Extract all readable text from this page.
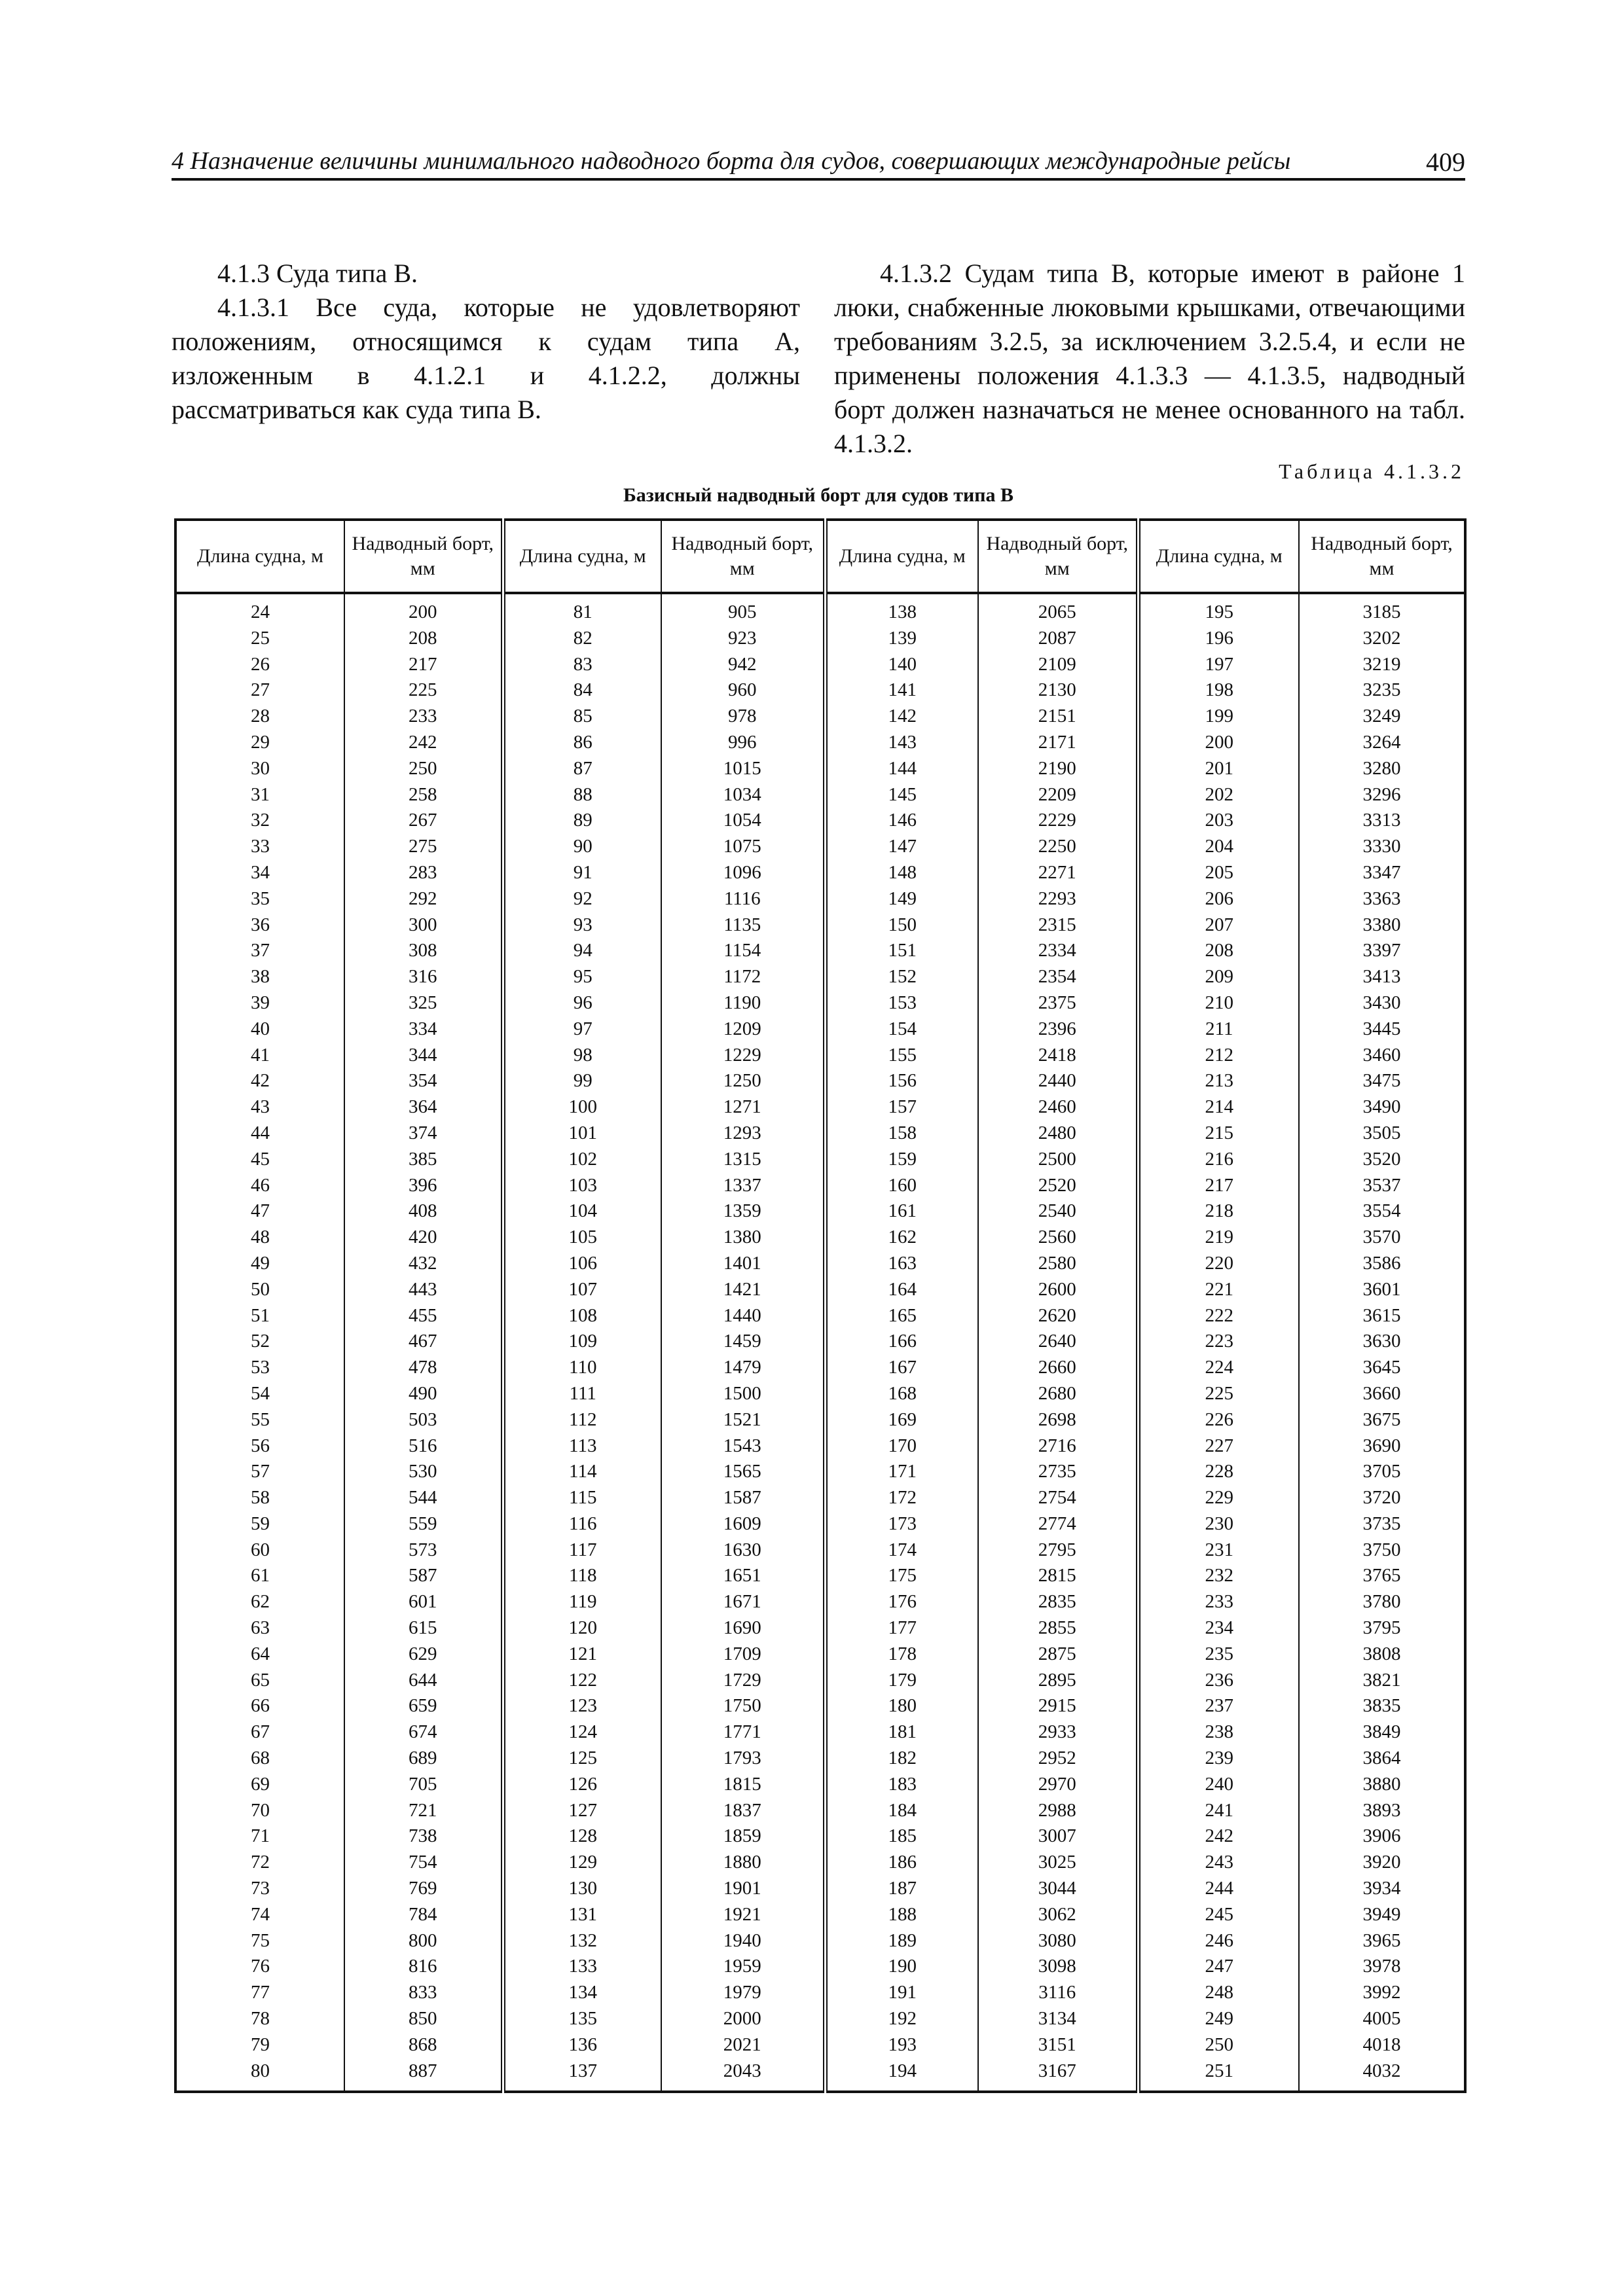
4 Назначение величины минимального надводного борта для судов, совершающих международные рейсы	409

4.1.3 Суда типа В.

4.1.3.1 Все суда, которые не удовлетворяют положениям, относящимся к судам типа А, изложенным в 4.1.2.1 и 4.1.2.2, должны рассматриваться как суда типа В.

4.1.3.2 Судам типа В, которые имеют в районе 1 люки, снабженные люковыми крышками, отвечающими требованиям 3.2.5, за исключением 3.2.5.4, и если не применены положения 4.1.3.3 — 4.1.3.5, надводный борт должен назначаться не менее основанного на табл. 4.1.3.2.

Таблица 4.1.3.2
Базисный надводный борт для судов типа В
Длина судна, м	Надводный борт, мм	Длина судна, м	Надводный борт, мм	Длина судна, м	Надводный борт, мм	Длина судна, м	Надводный борт, мм
24	200	81	905	138	2065	195	3185
25	208	82	923	139	2087	196	3202
26	217	83	942	140	2109	197	3219
27	225	84	960	141	2130	198	3235
28	233	85	978	142	2151	199	3249
29	242	86	996	143	2171	200	3264
30	250	87	1015	144	2190	201	3280
31	258	88	1034	145	2209	202	3296
32	267	89	1054	146	2229	203	3313
33	275	90	1075	147	2250	204	3330
34	283	91	1096	148	2271	205	3347
35	292	92	1116	149	2293	206	3363
36	300	93	1135	150	2315	207	3380
37	308	94	1154	151	2334	208	3397
38	316	95	1172	152	2354	209	3413
39	325	96	1190	153	2375	210	3430
40	334	97	1209	154	2396	211	3445
41	344	98	1229	155	2418	212	3460
42	354	99	1250	156	2440	213	3475
43	364	100	1271	157	2460	214	3490
44	374	101	1293	158	2480	215	3505
45	385	102	1315	159	2500	216	3520
46	396	103	1337	160	2520	217	3537
47	408	104	1359	161	2540	218	3554
48	420	105	1380	162	2560	219	3570
49	432	106	1401	163	2580	220	3586
50	443	107	1421	164	2600	221	3601
51	455	108	1440	165	2620	222	3615
52	467	109	1459	166	2640	223	3630
53	478	110	1479	167	2660	224	3645
54	490	111	1500	168	2680	225	3660
55	503	112	1521	169	2698	226	3675
56	516	113	1543	170	2716	227	3690
57	530	114	1565	171	2735	228	3705
58	544	115	1587	172	2754	229	3720
59	559	116	1609	173	2774	230	3735
60	573	117	1630	174	2795	231	3750
61	587	118	1651	175	2815	232	3765
62	601	119	1671	176	2835	233	3780
63	615	120	1690	177	2855	234	3795
64	629	121	1709	178	2875	235	3808
65	644	122	1729	179	2895	236	3821
66	659	123	1750	180	2915	237	3835
67	674	124	1771	181	2933	238	3849
68	689	125	1793	182	2952	239	3864
69	705	126	1815	183	2970	240	3880
70	721	127	1837	184	2988	241	3893
71	738	128	1859	185	3007	242	3906
72	754	129	1880	186	3025	243	3920
73	769	130	1901	187	3044	244	3934
74	784	131	1921	188	3062	245	3949
75	800	132	1940	189	3080	246	3965
76	816	133	1959	190	3098	247	3978
77	833	134	1979	191	3116	248	3992
78	850	135	2000	192	3134	249	4005
79	868	136	2021	193	3151	250	4018
80	887	137	2043	194	3167	251	4032
